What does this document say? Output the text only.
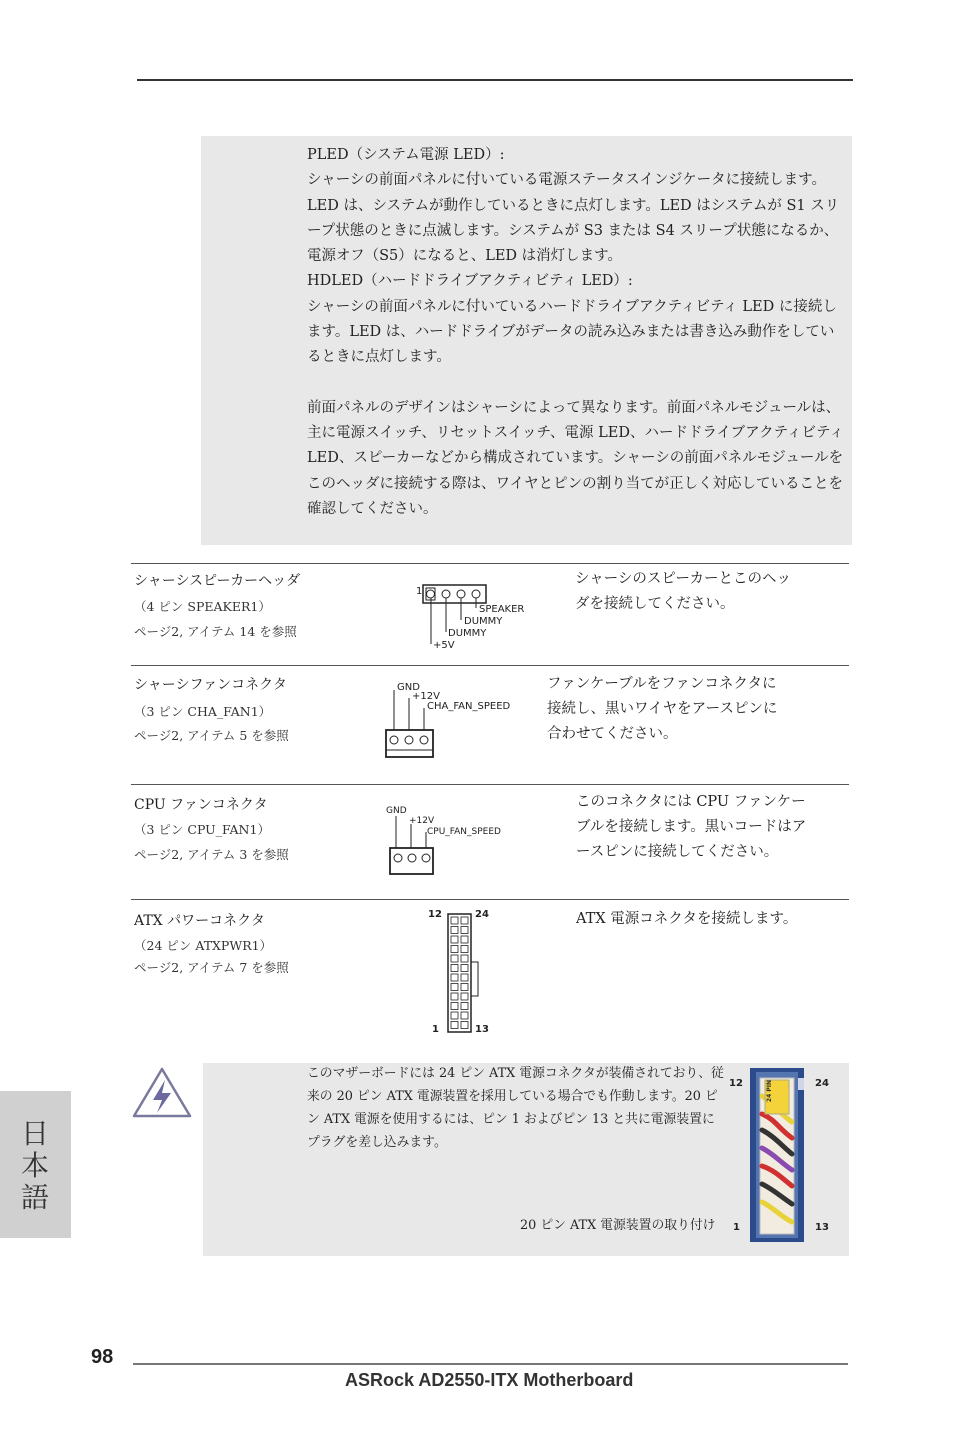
PLED（システム電源 LED）:

シャーシの前面パネルに付いている電源ステータスインジケータに接続します。LED は、システムが動作しているときに点灯します。LED はシステムが S1 スリープ状態のときに点滅します。システムが S3 または S4 スリープ状態になるか、電源オフ（S5）になると、LED は消灯します。

HDLED（ハードドライブアクティビティ LED）:

シャーシの前面パネルに付いているハードドライブアクティビティ LED に接続します。LED は、ハードドライブがデータの読み込みまたは書き込み動作をしているときに点灯します。

前面パネルのデザインはシャーシによって異なります。前面パネルモジュールは、主に電源スイッチ、リセットスイッチ、電源 LED、ハードドライブアクティビティ LED、スピーカーなどから構成されています。シャーシの前面パネルモジュールをこのヘッダに接続する際は、ワイヤとピンの割り当てが正しく対応していることを確認してください。

シャーシスピーカーヘッダ
（4 ピン SPEAKER1）
ページ2, アイテム 14 を参照
シャーシのスピーカーとこのヘッダを接続してください。
1
SPEAKER
DUMMY
DUMMY
+5V
シャーシファンコネクタ
（3 ピン CHA_FAN1）
ページ2, アイテム 5 を参照
ファンケーブルをファンコネクタに接続し、黒いワイヤをアースピンに合わせてください。
GND
+12V
CHA_FAN_SPEED
CPU ファンコネクタ
（3 ピン CPU_FAN1）
ページ2, アイテム 3 を参照
このコネクタには CPU ファンケーブルを接続します。黒いコードはアースピンに接続してください。
GND
+12V
CPU_FAN_SPEED
ATX パワーコネクタ
（24 ピン ATXPWR1）
ページ2, アイテム 7 を参照
ATX 電源コネクタを接続します。
12	24
1	13
このマザーボードには 24 ピン ATX 電源コネクタが装備されており、従来の 20 ピン ATX 電源装置を採用している場合でも作動します。20 ピン ATX 電源を使用するには、ピン 1 およびピン 13 と共に電源装置にプラグを差し込みます。
20 ピン ATX 電源装置の取り付け
24 PIN
12	24
1	13
日本語
98
ASRock AD2550-ITX Motherboard
